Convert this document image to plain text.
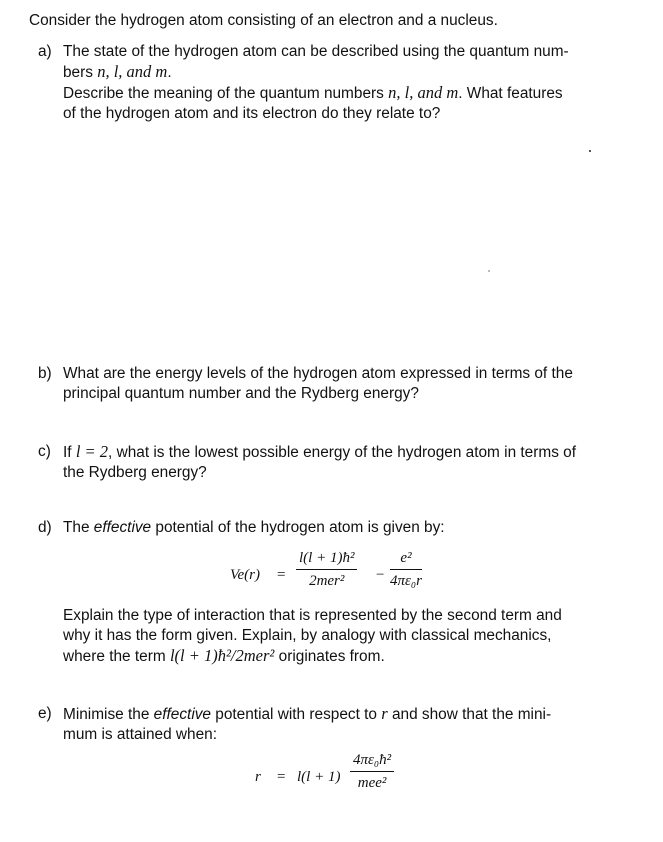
Consider the hydrogen atom consisting of an electron and a nucleus.
a) The state of the hydrogen atom can be described using the quantum num-

bers n, l, and m.

Describe the meaning of the quantum numbers n, l, and m. What features

of the hydrogen atom and its electron do they relate to?

b) What are the energy levels of the hydrogen atom expressed in terms of the

principal quantum number and the Rydberg energy?

c) If l = 2, what is the lowest possible energy of the hydrogen atom in terms of

the Rydberg energy?

d) The effective potential of the hydrogen atom is given by:

Ve(r) =
l(l + 1)ħ²
2mer²	− $\frac{\text{e²}}{\text{4πε₀r}}$

Explain the type of interaction that is represented by the second term and

why it has the form given. Explain, by analogy with classical mechanics,

where the term l(l + 1)ħ²/2mer² originates from.

e) Minimise the effective potential with respect to r and show that the mini-

mum is attained when:

r = l(l + 1)
4πε₀ħ²
mee²
